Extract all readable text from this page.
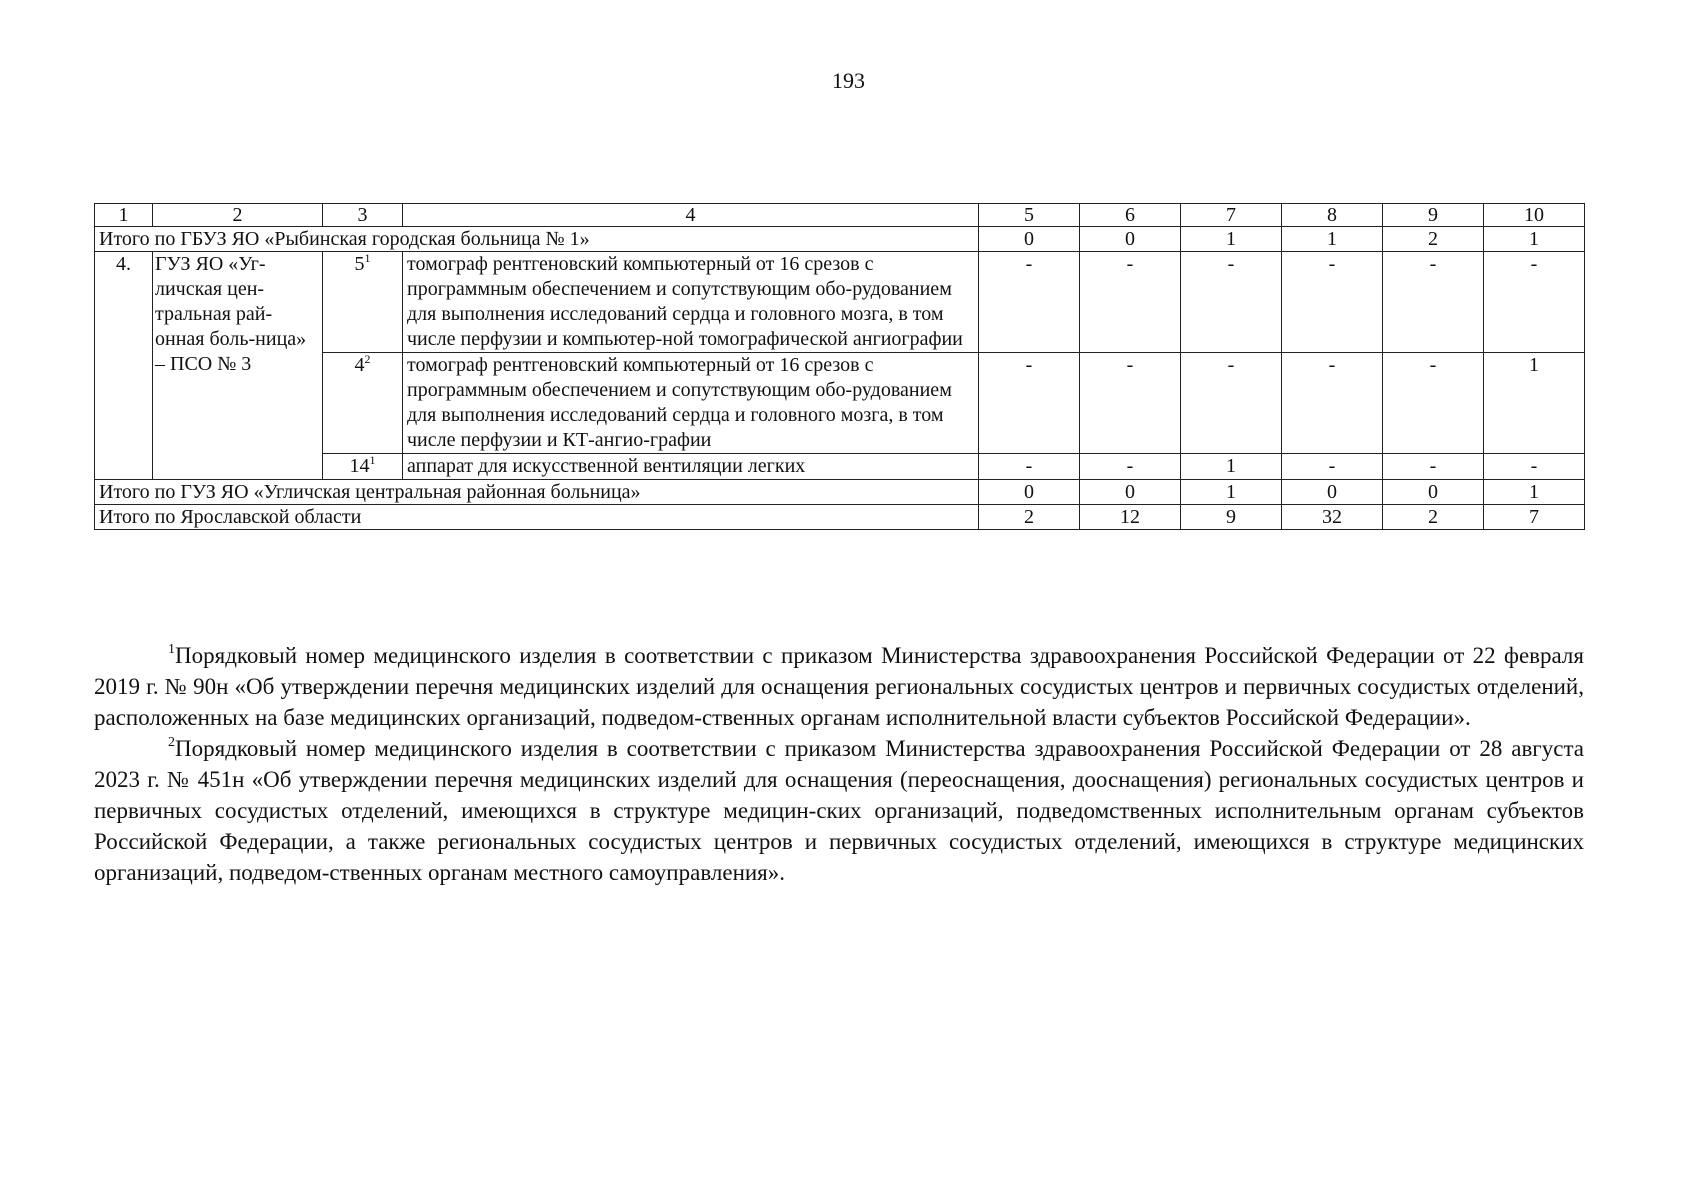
193
1	2	3	4	5	6	7	8	9	10
Итого по ГБУЗ ЯО «Рыбинская городская больница № 1»				0	0	1	1	2	1
4.	ГУЗ ЯО «Уг-личская цен-тральная рай-онная боль-ница» – ПСО № 3	$5^1$	томограф рентгеновский компьютерный от 16 срезов с программным обеспечением и сопутствующим обо-рудованием для выполнения исследований сердца и головного мозга, в том числе перфузии и компьютер-ной томографической ангиографии	-	-	-	-	-	-
		$4^2$	томограф рентгеновский компьютерный от 16 срезов с программным обеспечением и сопутствующим обо-рудованием для выполнения исследований сердца и головного мозга, в том числе перфузии и КТ-ангио-графии	-	-	-	-	-	1
		$14^1$	аппарат для искусственной вентиляции легких	-	-	1	-	-	-
Итого по ГУЗ ЯО «Угличская центральная районная больница»				0	0	1	0	0	1
Итого по Ярославской области				2	12	9	32	2	7

$^1$Порядковый номер медицинского изделия в соответствии с приказом Министерства здравоохранения Российской Федерации от 22 февраля 2019 г. № 90н «Об утверждении перечня медицинских изделий для оснащения региональных сосудистых центров и первичных сосудистых отделений, расположенных на базе медицинских организаций, подведом-ственных органам исполнительной власти субъектов Российской Федерации».

$^2$Порядковый номер медицинского изделия в соответствии с приказом Министерства здравоохранения Российской Федерации от 28 августа 2023 г. № 451н «Об утверждении перечня медицинских изделий для оснащения (переоснащения, дооснащения) региональных сосудистых центров и первичных сосудистых отделений, имеющихся в структуре медицин-ских организаций, подведомственных исполнительным органам субъектов Российской Федерации, а также региональных сосудистых центров и первичных сосудистых отделений, имеющихся в структуре медицинских организаций, подведом-ственных органам местного самоуправления».
